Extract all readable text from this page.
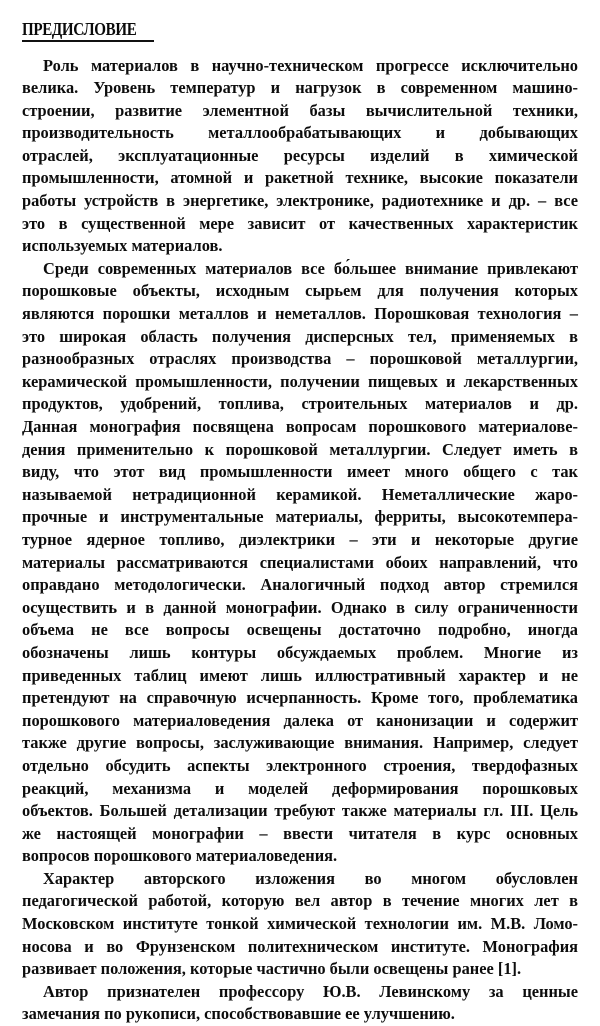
ПРЕДИСЛОВИЕ
Роль материалов в научно-техническом прогрессе исключительно
велика. Уровень температур и нагрузок в современном машино-
строении, развитие элементной базы вычислительной техники,
производительность металлообрабатывающих и добывающих
отраслей, эксплуатационные ресурсы изделий в химической
промышленности, атомной и ракетной технике, высокие показатели
работы устройств в энергетике, электронике, радиотехнике и др. – все
это в существенной мере зависит от качественных характеристик
используемых материалов.
Среди современных материалов все бо́льшее внимание привлекают
порошковые объекты, исходным сырьем для получения которых
являются порошки металлов и неметаллов. Порошковая технология –
это широкая область получения дисперсных тел, применяемых в
разнообразных отраслях производства – порошковой металлургии,
керамической промышленности, получении пищевых и лекарственных
продуктов, удобрений, топлива, строительных материалов и др.
Данная монография посвящена вопросам порошкового материалове-
дения применительно к порошковой металлургии. Следует иметь в
виду, что этот вид промышленности имеет много общего с так
называемой нетрадиционной керамикой. Неметаллические жаро-
прочные и инструментальные материалы, ферриты, высокотемпера-
турное ядерное топливо, диэлектрики – эти и некоторые другие
материалы рассматриваются специалистами обоих направлений, что
оправдано методологически. Аналогичный подход автор стремился
осуществить и в данной монографии. Однако в силу ограниченности
объема не все вопросы освещены достаточно подробно, иногда
обозначены лишь контуры обсуждаемых проблем. Многие из
приведенных таблиц имеют лишь иллюстративный характер и не
претендуют на справочную исчерпанность. Кроме того, проблематика
порошкового материаловедения далека от канонизации и содержит
также другие вопросы, заслуживающие внимания. Например, следует
отдельно обсудить аспекты электронного строения, твердофазных
реакций, механизма и моделей деформирования порошковых
объектов. Большей детализации требуют также материалы гл. III. Цель
же настоящей монографии – ввести читателя в курс основных
вопросов порошкового материаловедения.
Характер авторского изложения во многом обусловлен
педагогической работой, которую вел автор в течение многих лет в
Московском институте тонкой химической технологии им. М.В. Ломо-
носова и во Фрунзенском политехническом институте. Монография
развивает положения, которые частично были освещены ранее [1].
Автор признателен профессору Ю.В. Левинскому за ценные
замечания по рукописи, способствовавшие ее улучшению.
